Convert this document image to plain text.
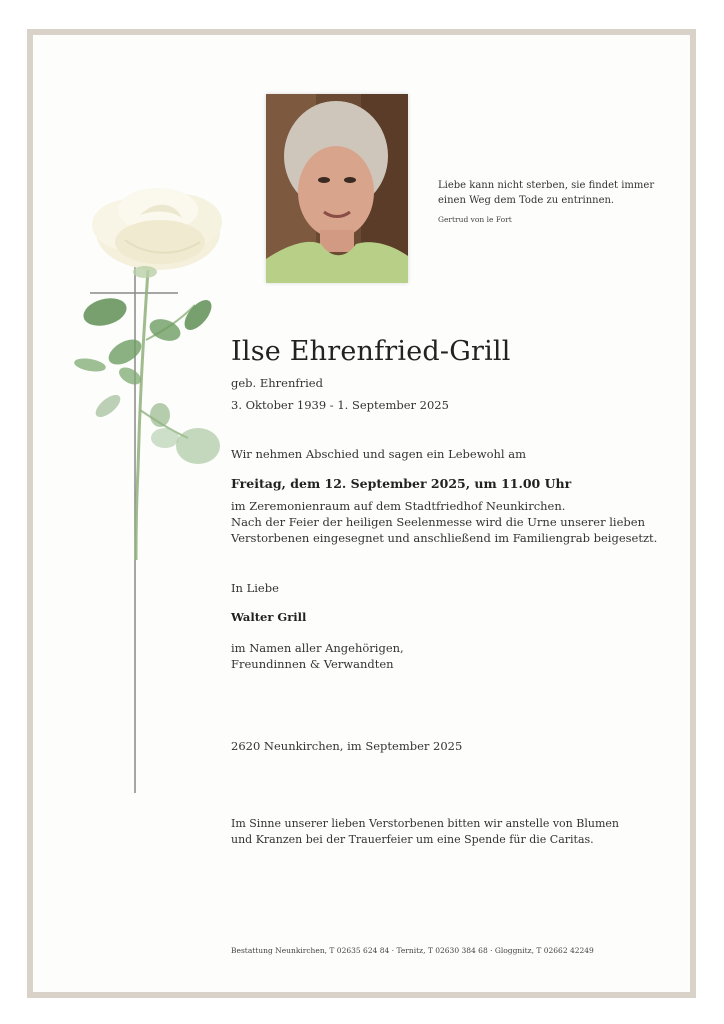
Liebe kann nicht sterben, sie findet immer
einen Weg dem Tode zu entrinnen.
Gertrud von le Fort
Ilse Ehrenfried-Grill
geb. Ehrenfried
3. Oktober 1939 - 1. September 2025
Wir nehmen Abschied und sagen ein Lebewohl am
Freitag, dem 12. September 2025, um 11.00 Uhr
im Zeremonienraum auf dem Stadtfriedhof Neunkirchen.
Nach der Feier der heiligen Seelenmesse wird die Urne unserer lieben
Verstorbenen eingesegnet und anschließend im Familiengrab beigesetzt.
In Liebe
Walter Grill
im Namen aller Angehörigen,
Freundinnen & Verwandten
2620 Neunkirchen, im September 2025
Im Sinne unserer lieben Verstorbenen bitten wir anstelle von Blumen
und Kranzen bei der Trauerfeier um eine Spende für die Caritas.
Bestattung Neunkirchen, T 02635 624 84 · Ternitz, T 02630 384 68 · Gloggnitz, T 02662 42249
